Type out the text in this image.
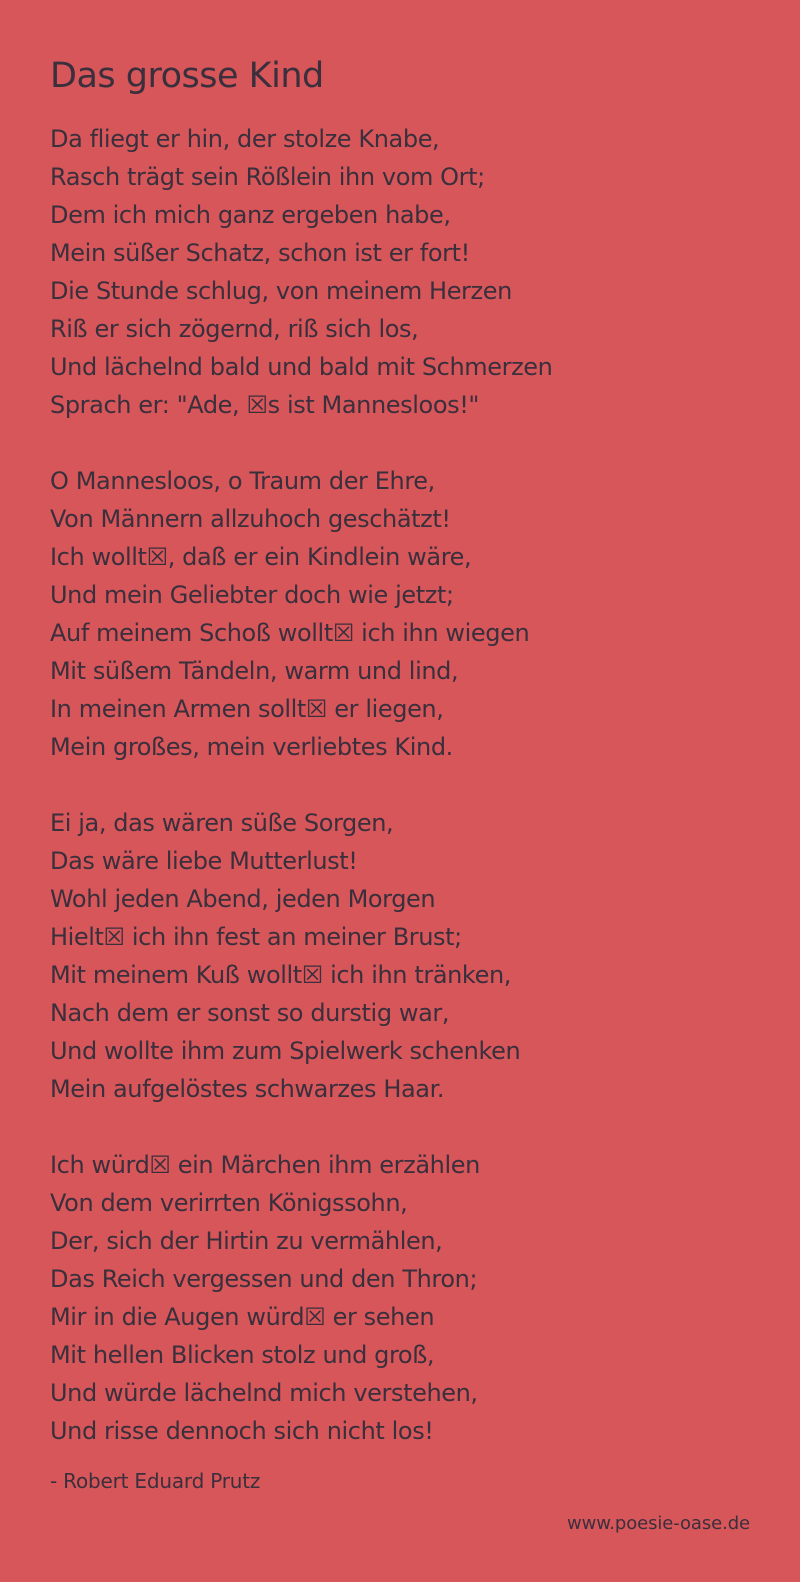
Das grosse Kind
Da fliegt er hin, der stolze Knabe,
Rasch trägt sein Rößlein ihn vom Ort;
Dem ich mich ganz ergeben habe,
Mein süßer Schatz, schon ist er fort!
Die Stunde schlug, von meinem Herzen
Riß er sich zögernd, riß sich los,
Und lächelnd bald und bald mit Schmerzen
Sprach er: "Ade, ☒s ist Mannesloos!"
O Mannesloos, o Traum der Ehre,
Von Männern allzuhoch geschätzt!
Ich wollt☒, daß er ein Kindlein wäre,
Und mein Geliebter doch wie jetzt;
Auf meinem Schoß wollt☒ ich ihn wiegen
Mit süßem Tändeln, warm und lind,
In meinen Armen sollt☒ er liegen,
Mein großes, mein verliebtes Kind.
Ei ja, das wären süße Sorgen,
Das wäre liebe Mutterlust!
Wohl jeden Abend, jeden Morgen
Hielt☒ ich ihn fest an meiner Brust;
Mit meinem Kuß wollt☒ ich ihn tränken,
Nach dem er sonst so durstig war,
Und wollte ihm zum Spielwerk schenken
Mein aufgelöstes schwarzes Haar.
Ich würd☒ ein Märchen ihm erzählen
Von dem verirrten Königssohn,
Der, sich der Hirtin zu vermählen,
Das Reich vergessen und den Thron;
Mir in die Augen würd☒ er sehen
Mit hellen Blicken stolz und groß,
Und würde lächelnd mich verstehen,
Und risse dennoch sich nicht los!

- Robert Eduard Prutz

www.poesie-oase.de
